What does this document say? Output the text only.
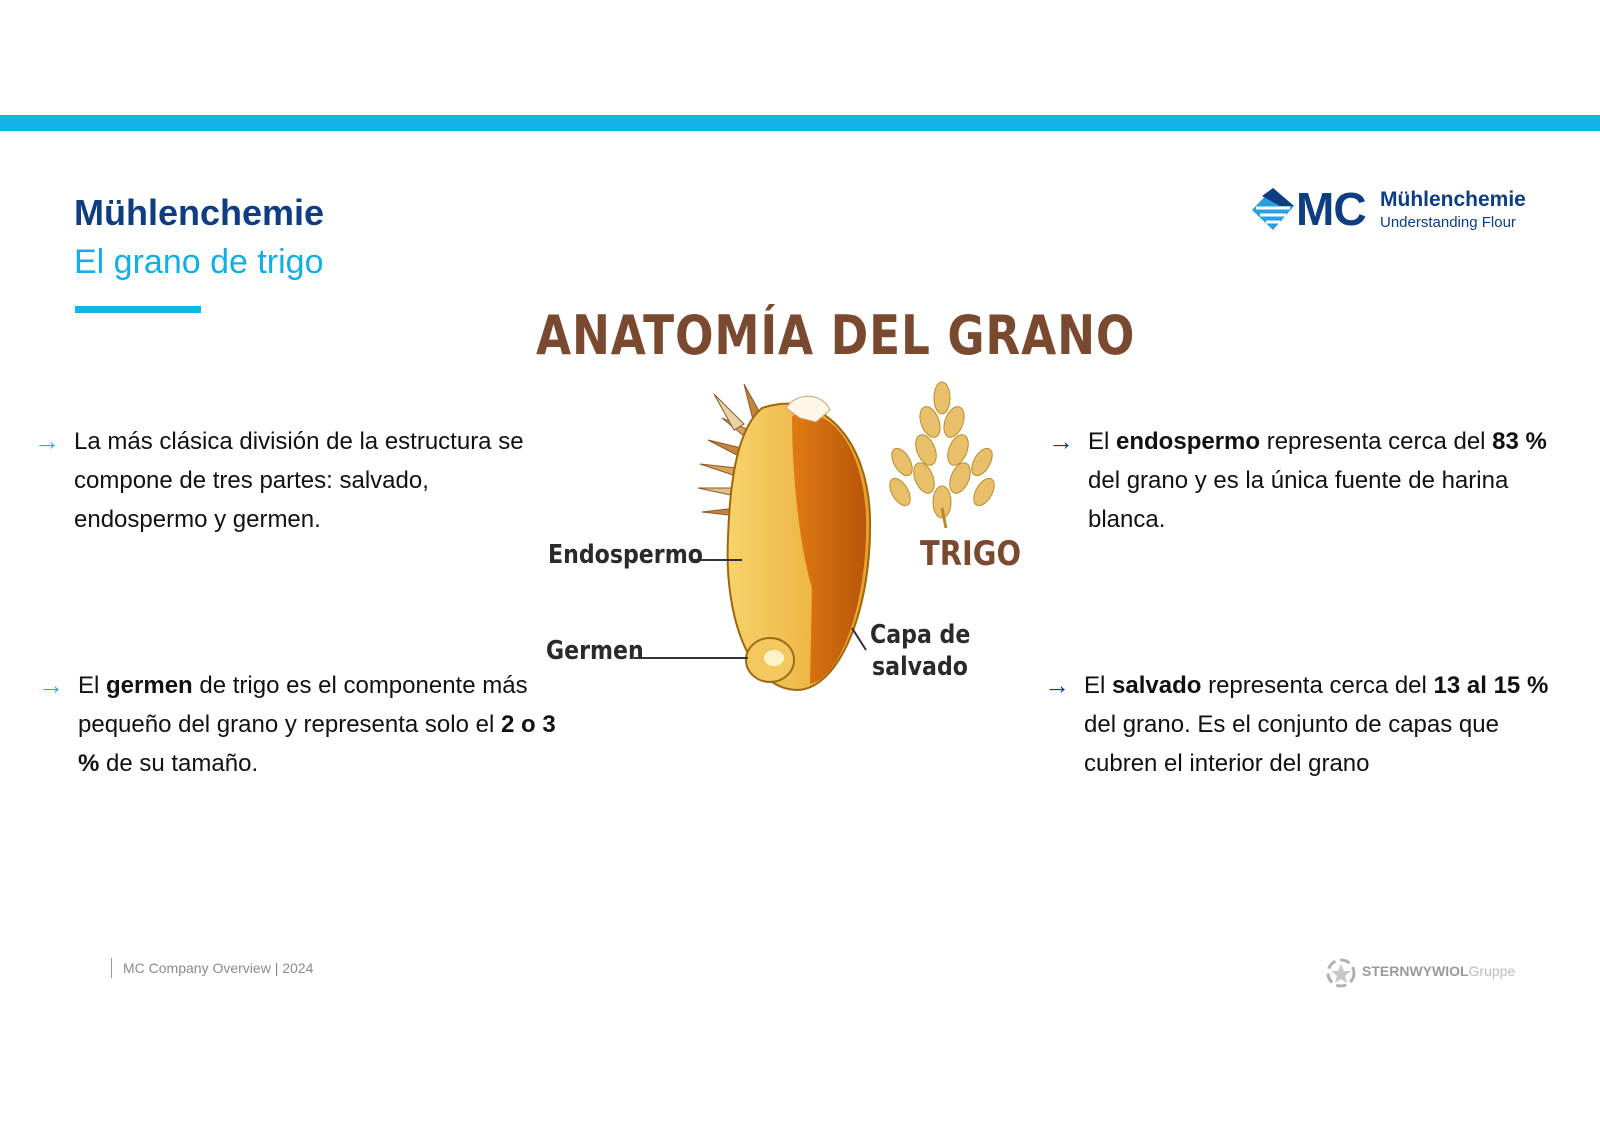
Mühlenchemie
El grano de trigo
MC Mühlenchemie
Understanding Flour
ANATOMÍA DEL GRANO
Endospermo
Germen
Capa de
salvado
TRIGO
→ La más clásica división de la estructura se compone de tres partes: salvado, endospermo y germen.
→ El germen de trigo es el componente más pequeño del grano y representa solo el 2 o 3 % de su tamaño.
→ El endospermo representa cerca del 83 % del grano y es la única fuente de harina blanca.
→ El salvado representa cerca del 13 al 15 % del grano. Es el conjunto de capas que cubren el interior del grano
MC Company Overview | 2024	STERNWYWIOLGruppe
